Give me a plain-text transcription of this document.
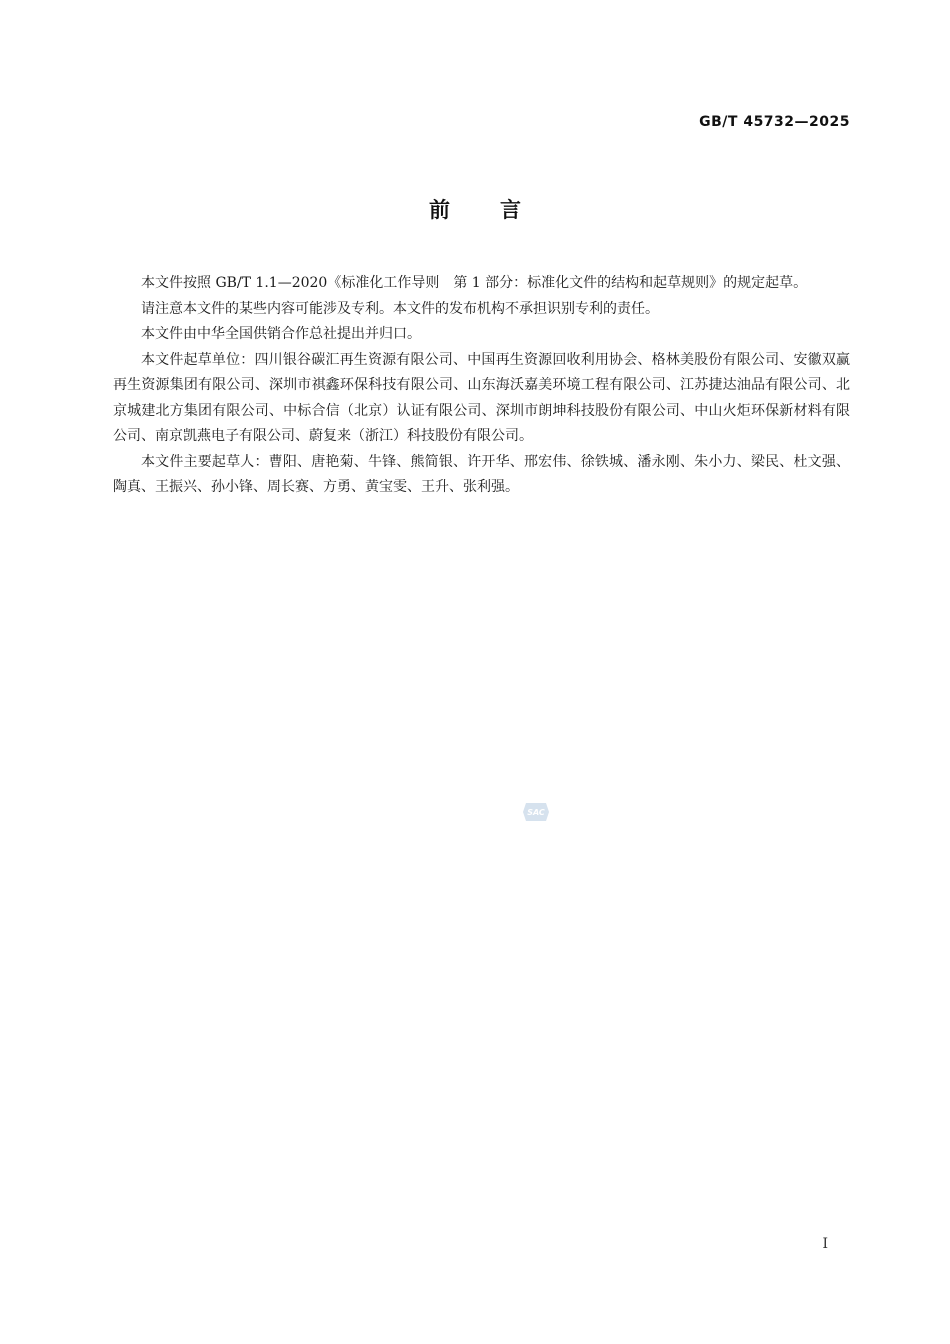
GB/T 45732—2025
前言

本文件按照 GB/T 1.1—2020《标准化工作导则　第 1 部分：标准化文件的结构和起草规则》的规定起草。

请注意本文件的某些内容可能涉及专利。本文件的发布机构不承担识别专利的责任。

本文件由中华全国供销合作总社提出并归口。

本文件起草单位：四川银谷碳汇再生资源有限公司、中国再生资源回收利用协会、格林美股份有限公司、安徽双赢再生资源集团有限公司、深圳市祺鑫环保科技有限公司、山东海沃嘉美环境工程有限公司、江苏捷达油品有限公司、北京城建北方集团有限公司、中标合信（北京）认证有限公司、深圳市朗坤科技股份有限公司、中山火炬环保新材料有限公司、南京凯燕电子有限公司、蔚复来（浙江）科技股份有限公司。

本文件主要起草人：曹阳、唐艳菊、牛锋、熊简银、许开华、邢宏伟、徐铁城、潘永刚、朱小力、梁民、杜文强、陶真、王振兴、孙小锋、周长赛、方勇、黄宝雯、王升、张利强。

SAC
I
